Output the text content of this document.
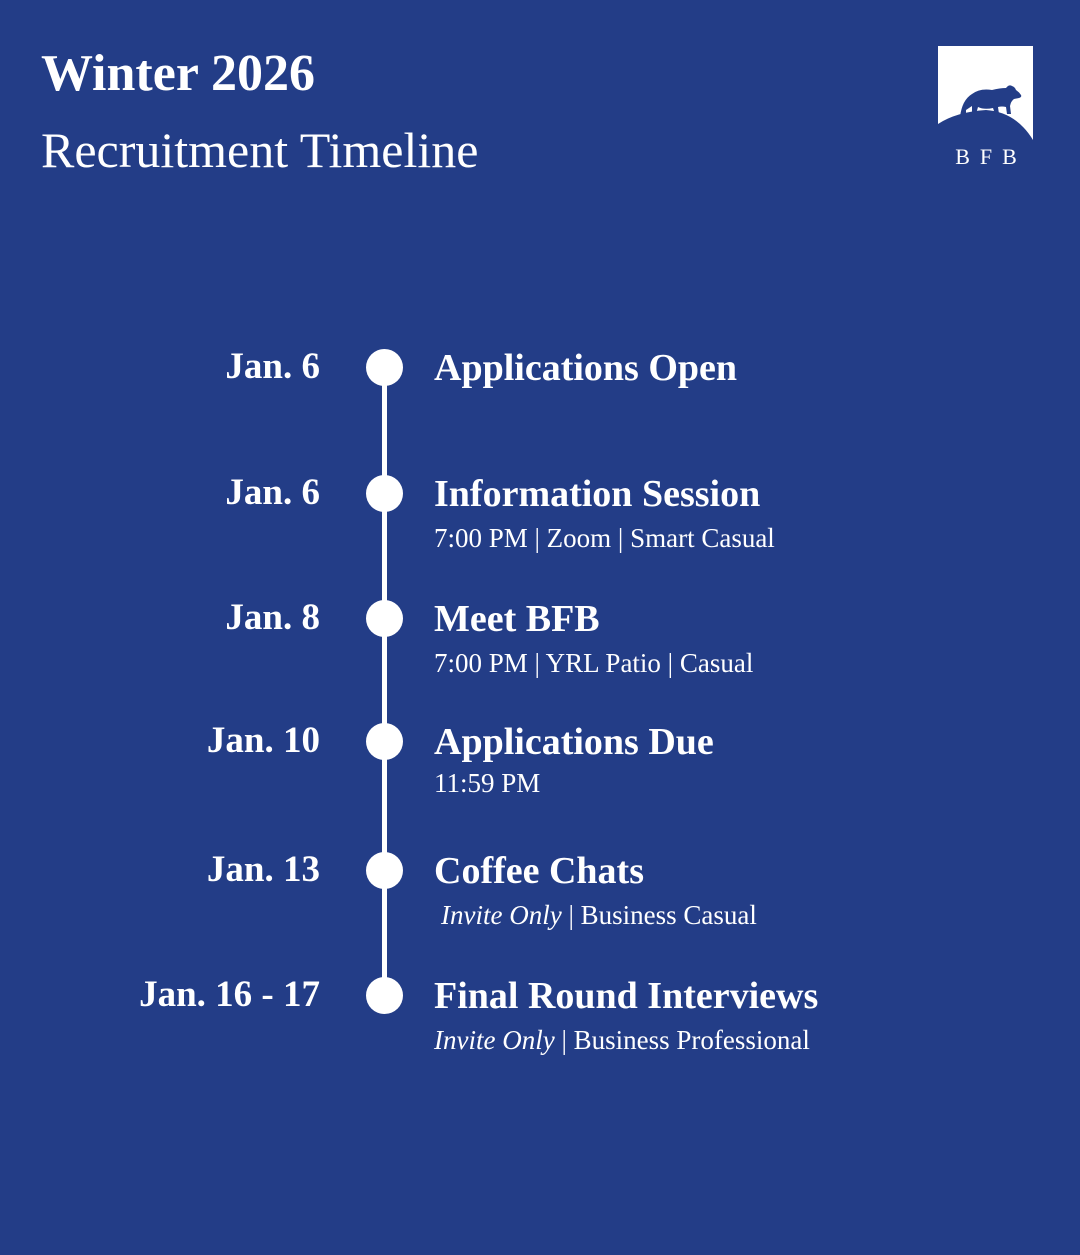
Winter 2026
Recruitment Timeline	BFB
Jan. 6	Applications Open
Jan. 6	Information Session
7:00 PM | Zoom | Smart Casual
Jan. 8	Meet BFB
7:00 PM | YRL Patio | Casual
Jan. 10	Applications Due
11:59 PM
Jan. 13	Coffee Chats
Invite Only | Business Casual
Jan. 16 - 17	Final Round Interviews
Invite Only | Business Professional
